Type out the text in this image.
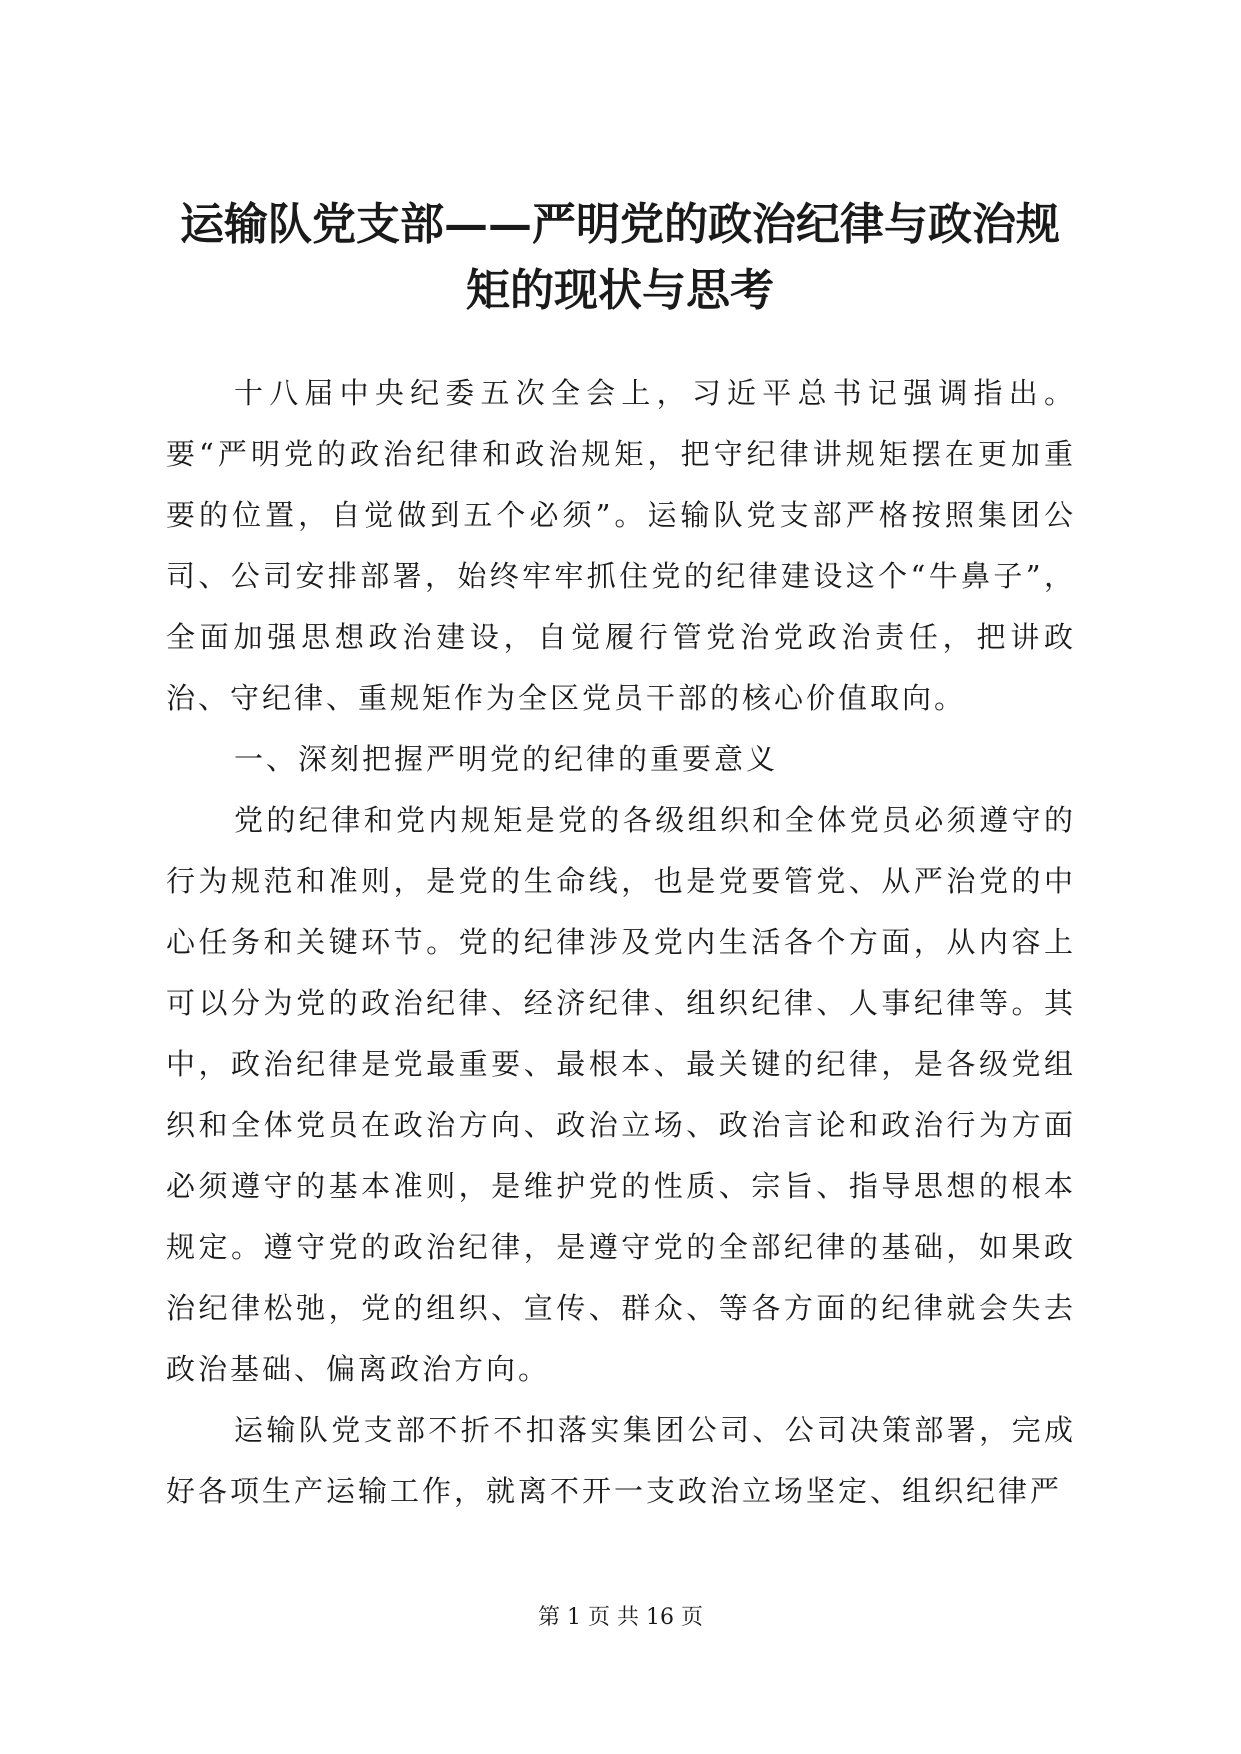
运输队党支部——严明党的政治纪律与政治规
矩的现状与思考

十八届中央纪委五次全会上，习近平总书记强调指出。要“严明党的政治纪律和政治规矩，把守纪律讲规矩摆在更加重要的位置，自觉做到五个必须”。运输队党支部严格按照集团公司、公司安排部署，始终牢牢抓住党的纪律建设这个“牛鼻子”，全面加强思想政治建设，自觉履行管党治党政治责任，把讲政治、守纪律、重规矩作为全区党员干部的核心价值取向。

一、深刻把握严明党的纪律的重要意义

党的纪律和党内规矩是党的各级组织和全体党员必须遵守的行为规范和准则，是党的生命线，也是党要管党、从严治党的中心任务和关键环节。党的纪律涉及党内生活各个方面，从内容上可以分为党的政治纪律、经济纪律、组织纪律、人事纪律等。其中，政治纪律是党最重要、最根本、最关键的纪律，是各级党组织和全体党员在政治方向、政治立场、政治言论和政治行为方面必须遵守的基本准则，是维护党的性质、宗旨、指导思想的根本规定。遵守党的政治纪律，是遵守党的全部纪律的基础，如果政治纪律松弛，党的组织、宣传、群众、等各方面的纪律就会失去政治基础、偏离政治方向。

运输队党支部不折不扣落实集团公司、公司决策部署，完成好各项生产运输工作，就离不开一支政治立场坚定、组织纪律严

第 1 页 共 16 页
